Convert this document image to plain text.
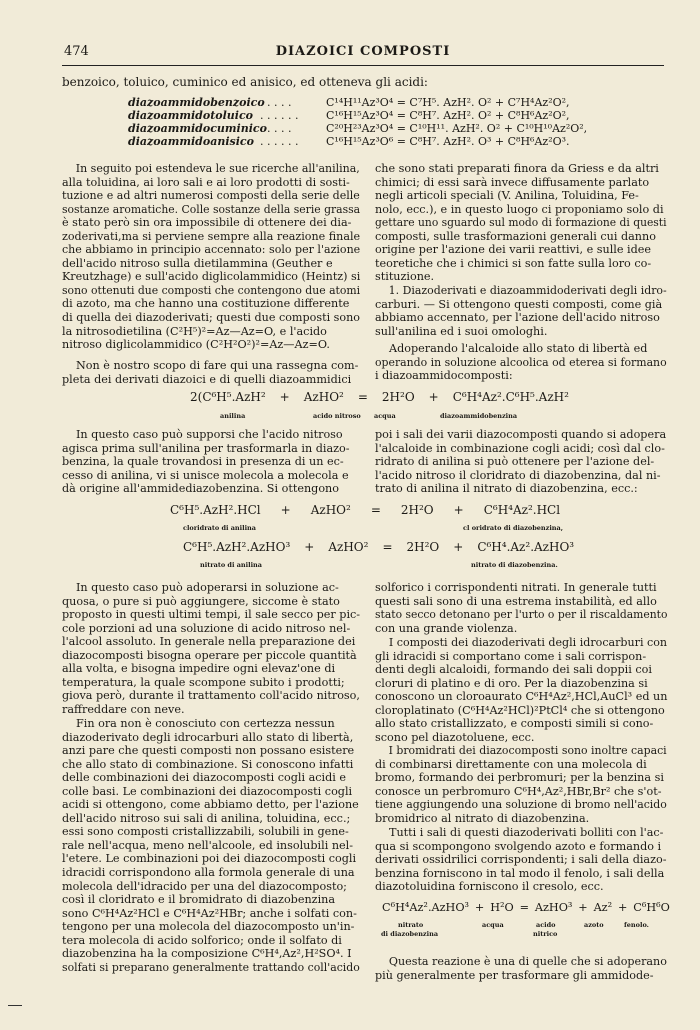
474	DIAZOICI COMPOSTI
benzoico, toluico, cuminico ed anisico, ed otteneva gli acidi:
diazoammidobenzoico. . . . .	C¹⁴H¹¹Az³O⁴ = C⁷H⁵. AzH². O² + C⁷H⁴Az²O²,
diazoammidotoluico . . . . . .	C¹⁶H¹⁵Az³O⁴ = C⁸H⁷. AzH². O² + C⁸H⁶Az²O²,
diazoammidocuminico. . . . .	C²⁰H²³Az³O⁴ = C¹⁰H¹¹. AzH². O² + C¹⁰H¹⁰Az²O²,
diazoammidoanisico . . . . . .	C¹⁶H¹⁵Az³O⁶ = C⁸H⁷. AzH². O³ + C⁸H⁶Az²O³.
In seguito poi estendeva le sue ricerche all'anilina,
alla toluidina, ai loro sali e ai loro prodotti di sosti-
tuzione e ad altri numerosi composti della serie delle
sostanze aromatiche. Colle sostanze della serie grassa
è stato però sin ora impossibile di ottenere dei dia-
zoderivati,ma si perviene sempre alla reazione finale
che abbiamo in principio accennato: solo per l'azione
dell'acido nitroso sulla dietilammina (Geuther e
Kreutzhage) e sull'acido diglicolammidico (Heintz) si
sono ottenuti due composti che contengono due atomi
di azoto, ma che hanno una costituzione differente
di quella dei diazoderivati; questi due composti sono
la nitrosodietilina (C²H⁵)²=Az—Az=O, e l'acido
nitroso diglicolammidico (C²H²O²)²=Az—Az=O.
Non è nostro scopo di fare qui una rassegna com-
pleta dei derivati diazoici e di quelli diazoammidici
2(C⁶H⁵.AzH² + AzHO² = 2H²O + C⁶H⁴Az².C⁶H⁵.AzH²
anilina	acido nitroso acqua	diazoammidobenzina
In questo caso può supporsi che l'acido nitroso
agisca prima sull'anilina per trasformarla in diazo-
benzina, la quale trovandosi in presenza di un ec-
cesso di anilina, vi si unisce molecola a molecola e
dà origine all'ammidediazobenzina. Si ottengono
C⁶H⁵.AzH².HCl + AzHO² = 2H²O + C⁶H⁴Az².HCl
cloridrato di anilina	cl oridrato di diazobenzina,
C⁶H⁵.AzH².AzHO³ + AzHO² = 2H²O + C⁶H⁴.Az².AzHO³
nitrato di anilina	nitrato di diazobenzina.
In questo caso può adoperarsi in soluzione ac-
quosa, o pure si può aggiungere, siccome è stato
proposto in questi ultimi tempi, il sale secco per pic-
cole porzioni ad una soluzione di acido nitroso nel-
l'alcool assoluto. In generale nella preparazione dei
diazocomposti bisogna operare per piccole quantità
alla volta, e bisogna impedire ogni elevaz'one di
temperatura, la quale scompone subito i prodotti;
giova però, durante il trattamento coll'acido nitroso,
raffreddare con neve.
Fin ora non è conosciuto con certezza nessun
diazoderivato degli idrocarburi allo stato di libertà,
anzi pare che questi composti non possano esistere
che allo stato di combinazione. Si conoscono infatti
delle combinazioni dei diazocomposti cogli acidi e
colle basi. Le combinazioni dei diazocomposti cogli
acidi si ottengono, come abbiamo detto, per l'azione
dell'acido nitroso sui sali di anilina, toluidina, ecc.;
essi sono composti cristallizzabili, solubili in gene-
rale nell'acqua, meno nell'alcoole, ed insolubili nel-
l'etere. Le combinazioni poi dei diazocomposti cogli
idracidi corrispondono alla formola generale di una
molecola dell'idracido per una del diazocomposto;
così il cloridrato e il bromidrato di diazobenzina
sono C⁶H⁴Az²HCl e C⁶H⁴Az²HBr; anche i solfati con-
tengono per una molecola del diazocomposto un'in-
tera molecola di acido solforico; onde il solfato di
diazobenzina ha la composizione C⁶H⁴,Az²,H²SO⁴. I
solfati si preparano generalmente trattando coll'acido
che sono stati preparati finora da Griess e da altri
chimici; di essi sarà invece diffusamente parlato
negli articoli speciali (V. Anilina, Toluidina, Fe-
nolo, ecc.), e in questo luogo ci proponiamo solo di
gettare uno sguardo sul modo di formazione di questi
composti, sulle trasformazioni generali cui danno
origine per l'azione dei varii reattivi, e sulle idee
teoretiche che i chimici si son fatte sulla loro co-
stituzione.
1. Diazoderivati e diazoammidoderivati degli idro-
carburi. — Si ottengono questi composti, come già
abbiamo accennato, per l'azione dell'acido nitroso
sull'anilina ed i suoi omologhi.
Adoperando l'alcaloide allo stato di libertà ed
operando in soluzione alcoolica od eterea si formano
i diazoammidocomposti:
poi i sali dei varii diazocomposti quando si adopera
l'alcaloide in combinazione cogli acidi; così dal clo-
ridrato di anilina si può ottenere per l'azione del-
l'acido nitroso il cloridrato di diazobenzina, dal ni-
trato di anilina il nitrato di diazobenzina, ecc.:
solforico i corrispondenti nitrati. In generale tutti
questi sali sono di una estrema instabilità, ed allo
stato secco detonano per l'urto o per il riscaldamento
con una grande violenza.
I composti dei diazoderivati degli idrocarburi con
gli idracidi si comportano come i sali corrispon-
denti degli alcaloidi, formando dei sali doppii coi
cloruri di platino e di oro. Per la diazobenzina si
conoscono un cloroaurato C⁶H⁴Az²,HCl,AuCl³ ed un
cloroplatinato (C⁶H⁴Az²HCl)²PtCl⁴ che si ottengono
allo stato cristallizzato, e composti simili si cono-
scono pel diazotoluene, ecc.
I bromidrati dei diazocomposti sono inoltre capaci
di combinarsi direttamente con una molecola di
bromo, formando dei perbromuri; per la benzina si
conosce un perbromuro C⁶H⁴,Az²,HBr,Br² che s'ot-
tiene aggiungendo una soluzione di bromo nell'acido
bromidrico al nitrato di diazobenzina.
Tutti i sali di questi diazoderivati bolliti con l'ac-
qua si scompongono svolgendo azoto e formando i
derivati ossidrilici corrispondenti; i sali della diazo-
benzina forniscono in tal modo il fenolo, i sali della
diazotoluidina forniscono il cresolo, ecc.
C⁶H⁴Az².AzHO³ + H²O = AzHO³ + Az² + C⁶H⁶O
nitrato
di diazobenzina
acqua	acido
nitrico
azoto	fenolo.
Questa reazione è una di quelle che si adoperano
più generalmente per trasformare gli ammidode-
